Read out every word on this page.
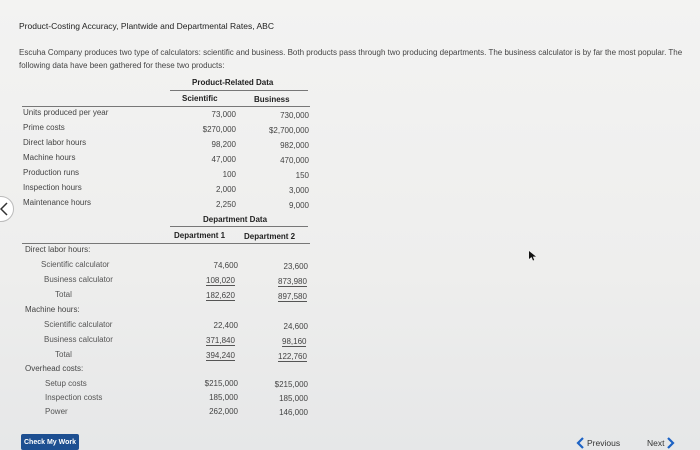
Product-Costing Accuracy, Plantwide and Departmental Rates, ABC
Escuha Company produces two type of calculators: scientific and business. Both products pass through two producing departments. The business calculator is by far the most popular. The following data have been gathered for these two products:
Product-Related Data
Scientific	Business
Units produced per year	73,000	730,000
Prime costs	$270,000	$2,700,000
Direct labor hours	98,200	982,000
Machine hours	47,000	470,000
Production runs	100	150
Inspection hours	2,000	3,000
Maintenance hours	2,250	9,000
Department Data
Department 1 Department 2
Direct labor hours:
Scientific calculator	74,600	23,600
Business calculator	108,020	873,980
Total	182,620	897,580
Machine hours:
Scientific calculator	22,400	24,600
Business calculator	371,840	98,160
Total	394,240	122,760
Overhead costs:
Setup costs	$215,000	$215,000
Inspection costs	185,000	185,000
Power	262,000	146,000
Check My Work	Previous	Next
